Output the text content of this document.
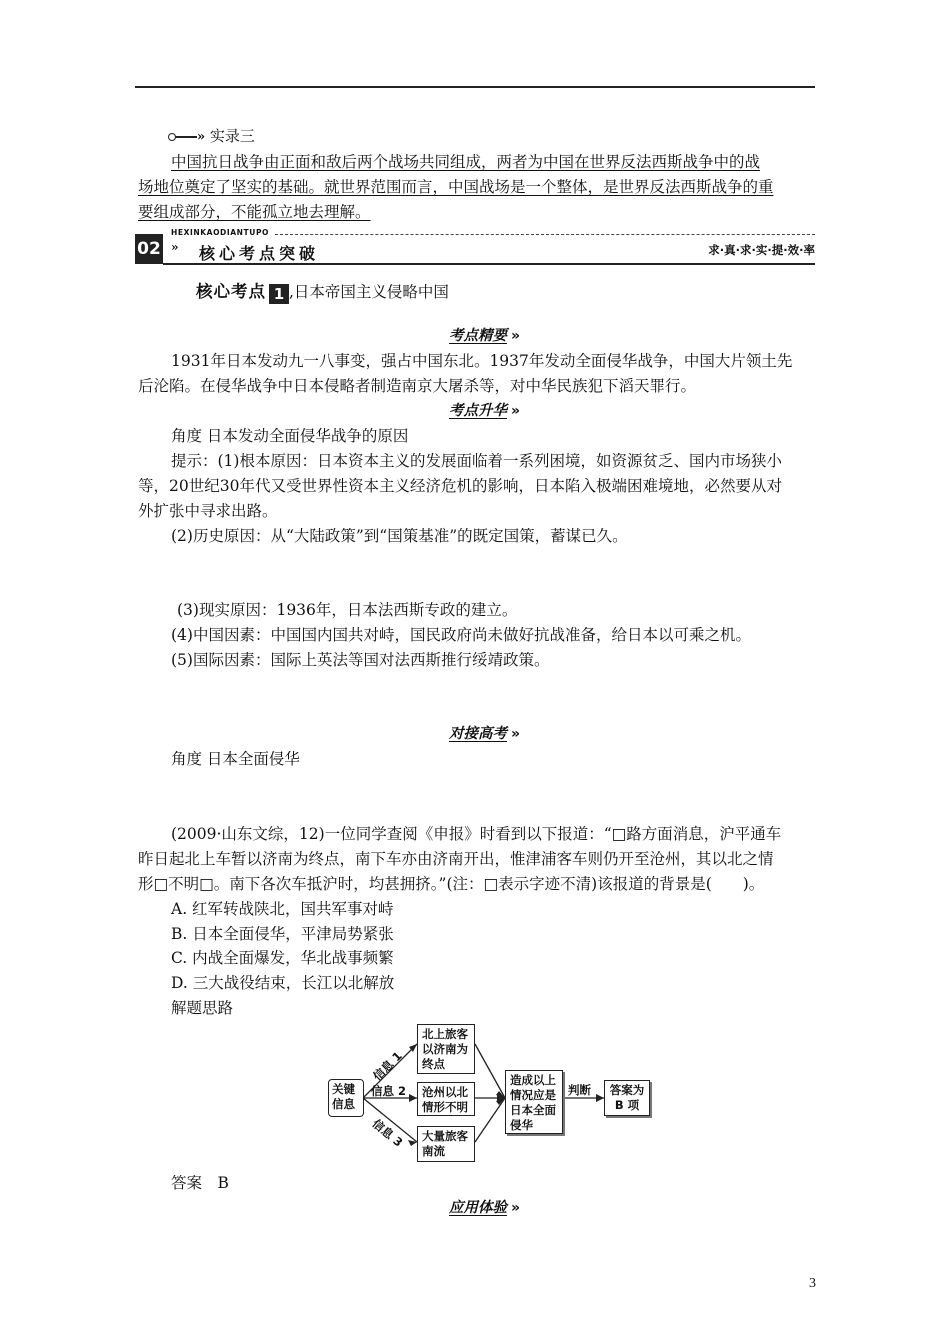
» 实录三
中国抗日战争由正面和敌后两个战场共同组成，两者为中国在世界反法西斯战争中的战
场地位奠定了坚实的基础。就世界范围而言，中国战场是一个整体，是世界反法西斯战争的重
要组成部分，不能孤立地去理解。
02
HEXINKAODIANTUPO
» 核心考点突破	求·真·求·实·提·效·率
核心考点 1 ,日本帝国主义侵略中国
考点精要 »
1931年日本发动九一八事变，强占中国东北。1937年发动全面侵华战争，中国大片领土先
后沦陷。在侵华战争中日本侵略者制造南京大屠杀等，对中华民族犯下滔天罪行。
考点升华 »
角度 日本发动全面侵华战争的原因
提示：(1)根本原因：日本资本主义的发展面临着一系列困境，如资源贫乏、国内市场狭小
等，20世纪30年代又受世界性资本主义经济危机的影响，日本陷入极端困难境地，必然要从对
外扩张中寻求出路。
(2)历史原因：从“大陆政策”到“国策基准”的既定国策，蓄谋已久。
(3)现实原因：1936年，日本法西斯专政的建立。
(4)中国因素：中国国内国共对峙，国民政府尚未做好抗战准备，给日本以可乘之机。
(5)国际因素：国际上英法等国对法西斯推行绥靖政策。
对接高考 »
角度 日本全面侵华
(2009·山东文综，12)一位同学查阅《申报》时看到以下报道：“□路方面消息，沪平通车
昨日起北上车暂以济南为终点，南下车亦由济南开出，惟津浦客车则仍开至沧州，其以北之情
形□不明□。南下各次车抵沪时，均甚拥挤。”(注：□表示字迹不清)该报道的背景是(　　)。
A. 红军转战陕北，国共军事对峙
B. 日本全面侵华，平津局势紧张
C. 内战全面爆发，华北战事频繁
D. 三大战役结束，长江以北解放
解题思路
关键信息
信息 1
信息 2
信息 3
北上旅客以济南为终点
沧州以北情形不明
大量旅客南流
造成以上情况应是日本全面侵华
判断	答案为 B 项
答案　B
应用体验 »
3
